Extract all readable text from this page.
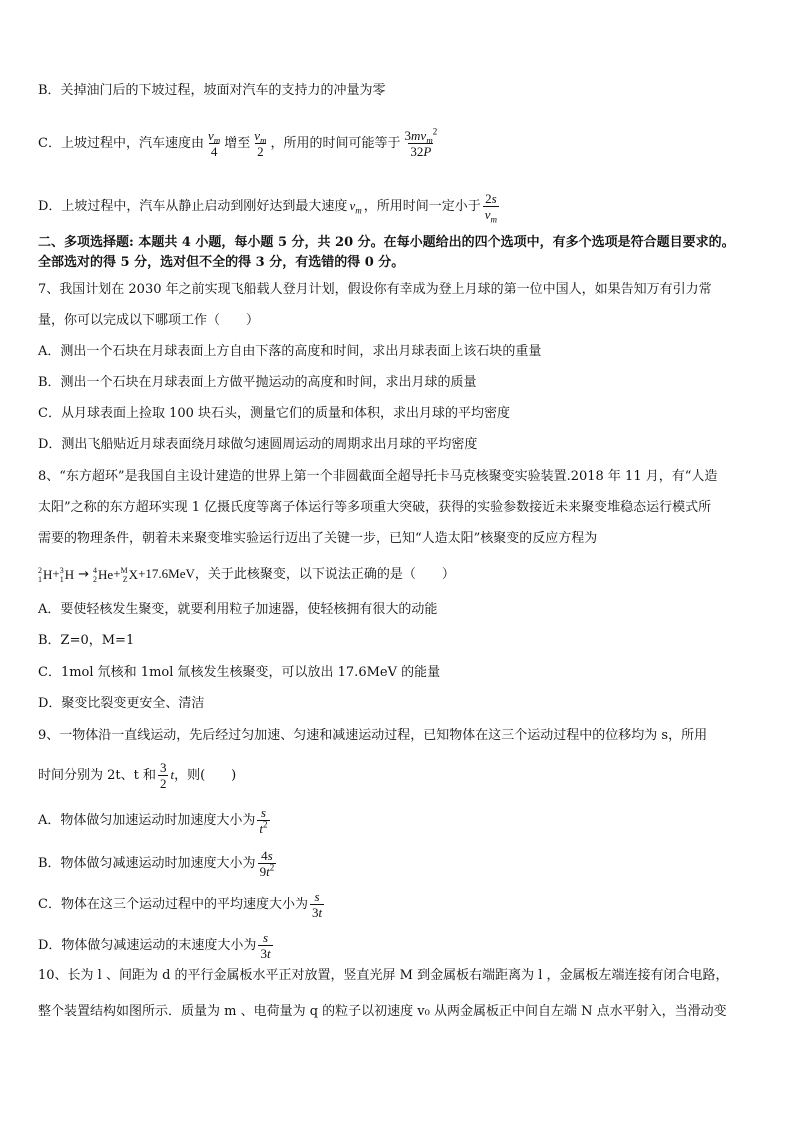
B．关掉油门后的下坡过程，坡面对汽车的支持力的冲量为零
C．上坡过程中，汽车速度由 $\frac{v_m}{4}$ 增至 $\frac{v_m}{2}$ ，所用的时间可能等于 $\frac{3mv_m^2}{32P}$
D．上坡过程中，汽车从静止启动到刚好达到最大速度 $v_m$ ，所用时间一定小于 $\frac{2s}{v_m}$
二、多项选择题: 本题共 4 小题，每小题 5 分，共 20 分。在每小题给出的四个选项中，有多个选项是符合题目要求的。
全部选对的得 5 分，选对但不全的得 3 分，有选错的得 0 分。
7、我国计划在 2030 年之前实现飞船载人登月计划，假设你有幸成为登上月球的第一位中国人，如果告知万有引力常
量，你可以完成以下哪项工作（　　）
A．测出一个石块在月球表面上方自由下落的高度和时间，求出月球表面上该石块的重量
B．测出一个石块在月球表面上方做平抛运动的高度和时间，求出月球的质量
C．从月球表面上捡取 100 块石头，测量它们的质量和体积，求出月球的平均密度
D．测出飞船贴近月球表面绕月球做匀速圆周运动的周期求出月球的平均密度
8、“东方超环”是我国自主设计建造的世界上第一个非圆截面全超导托卡马克核聚变实验装置.2018 年 11 月，有“人造
太阳”之称的东方超环实现 1 亿摄氏度等离子体运行等多项重大突破，获得的实验参数接近未来聚变堆稳态运行模式所
需要的物理条件，朝着未来聚变堆实验运行迈出了关键一步，已知“人造太阳”核聚变的反应方程为
2
1 H+ 3
1 H → 4
2 He+ M
Z X+17.6MeV，关于此核聚变，以下说法正确的是（　　）
A．要使轻核发生聚变，就要利用粒子加速器，使轻核拥有很大的动能
B．Z=0，M=1
C．1mol 氘核和 1mol 氚核发生核聚变，可以放出 17.6MeV 的能量
D．聚变比裂变更安全、清洁
9、一物体沿一直线运动，先后经过匀加速、匀速和减速运动过程，已知物体在这三个运动过程中的位移均为 s，所用
时间分别为 2t、t 和 $\frac{3}{2}$ t，则(　　)
A．物体做匀加速运动时加速度大小为 $\frac{s}{t^2}$
B．物体做匀减速运动时加速度大小为 $\frac{4s}{9t^2}$
C．物体在这三个运动过程中的平均速度大小为 $\frac{s}{3t}$
D．物体做匀减速运动的末速度大小为 $\frac{s}{3t}$
10、长为 l 、间距为 d 的平行金属板水平正对放置，竖直光屏 M 到金属板右端距离为 l ，金属板左端连接有闭合电路，
整个装置结构如图所示．质量为 m 、电荷量为 q 的粒子以初速度 v₀ 从两金属板正中间自左端 N 点水平射入，当滑动变
